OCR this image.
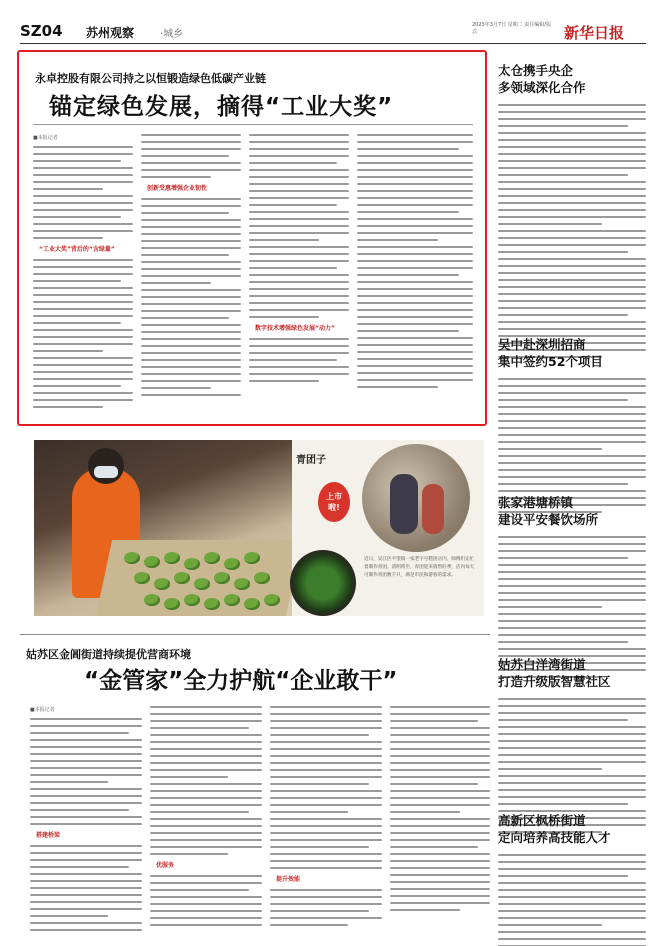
SZ04 苏州观察	·城乡
2023年3月7日 星期二 责任编辑/版式	新华日报
永卓控股有限公司持之以恒锻造绿色低碳产业链
锚定绿色发展，摘得“工业大奖”
■本报记者
“工业大奖”背后的“含绿量”
创新受惠增强企业韧性
数字技术增强绿色发展“动力”
太仓携手央企
多领域深化合作
吴中赴深圳招商
集中签约52个项目
张家港塘桥镇
建设平安餐饮场所
姑苏白洋湾街道
打造升级版智慧社区
高新区枫桥街道
定向培养高技能人才
青团子

上市
啦!
近日，吴江区平望镇一家老字号糕团店内，师傅们正忙着制作青团。清明将至，青团迎来销售旺季，店内每天可制作青团数千只，满足市民和游客的需求。
姑苏区金阊街道持续提优营商环境
“金管家”全力护航“企业敢干”
■本报记者
搭建桥梁
优服务
提升效能
